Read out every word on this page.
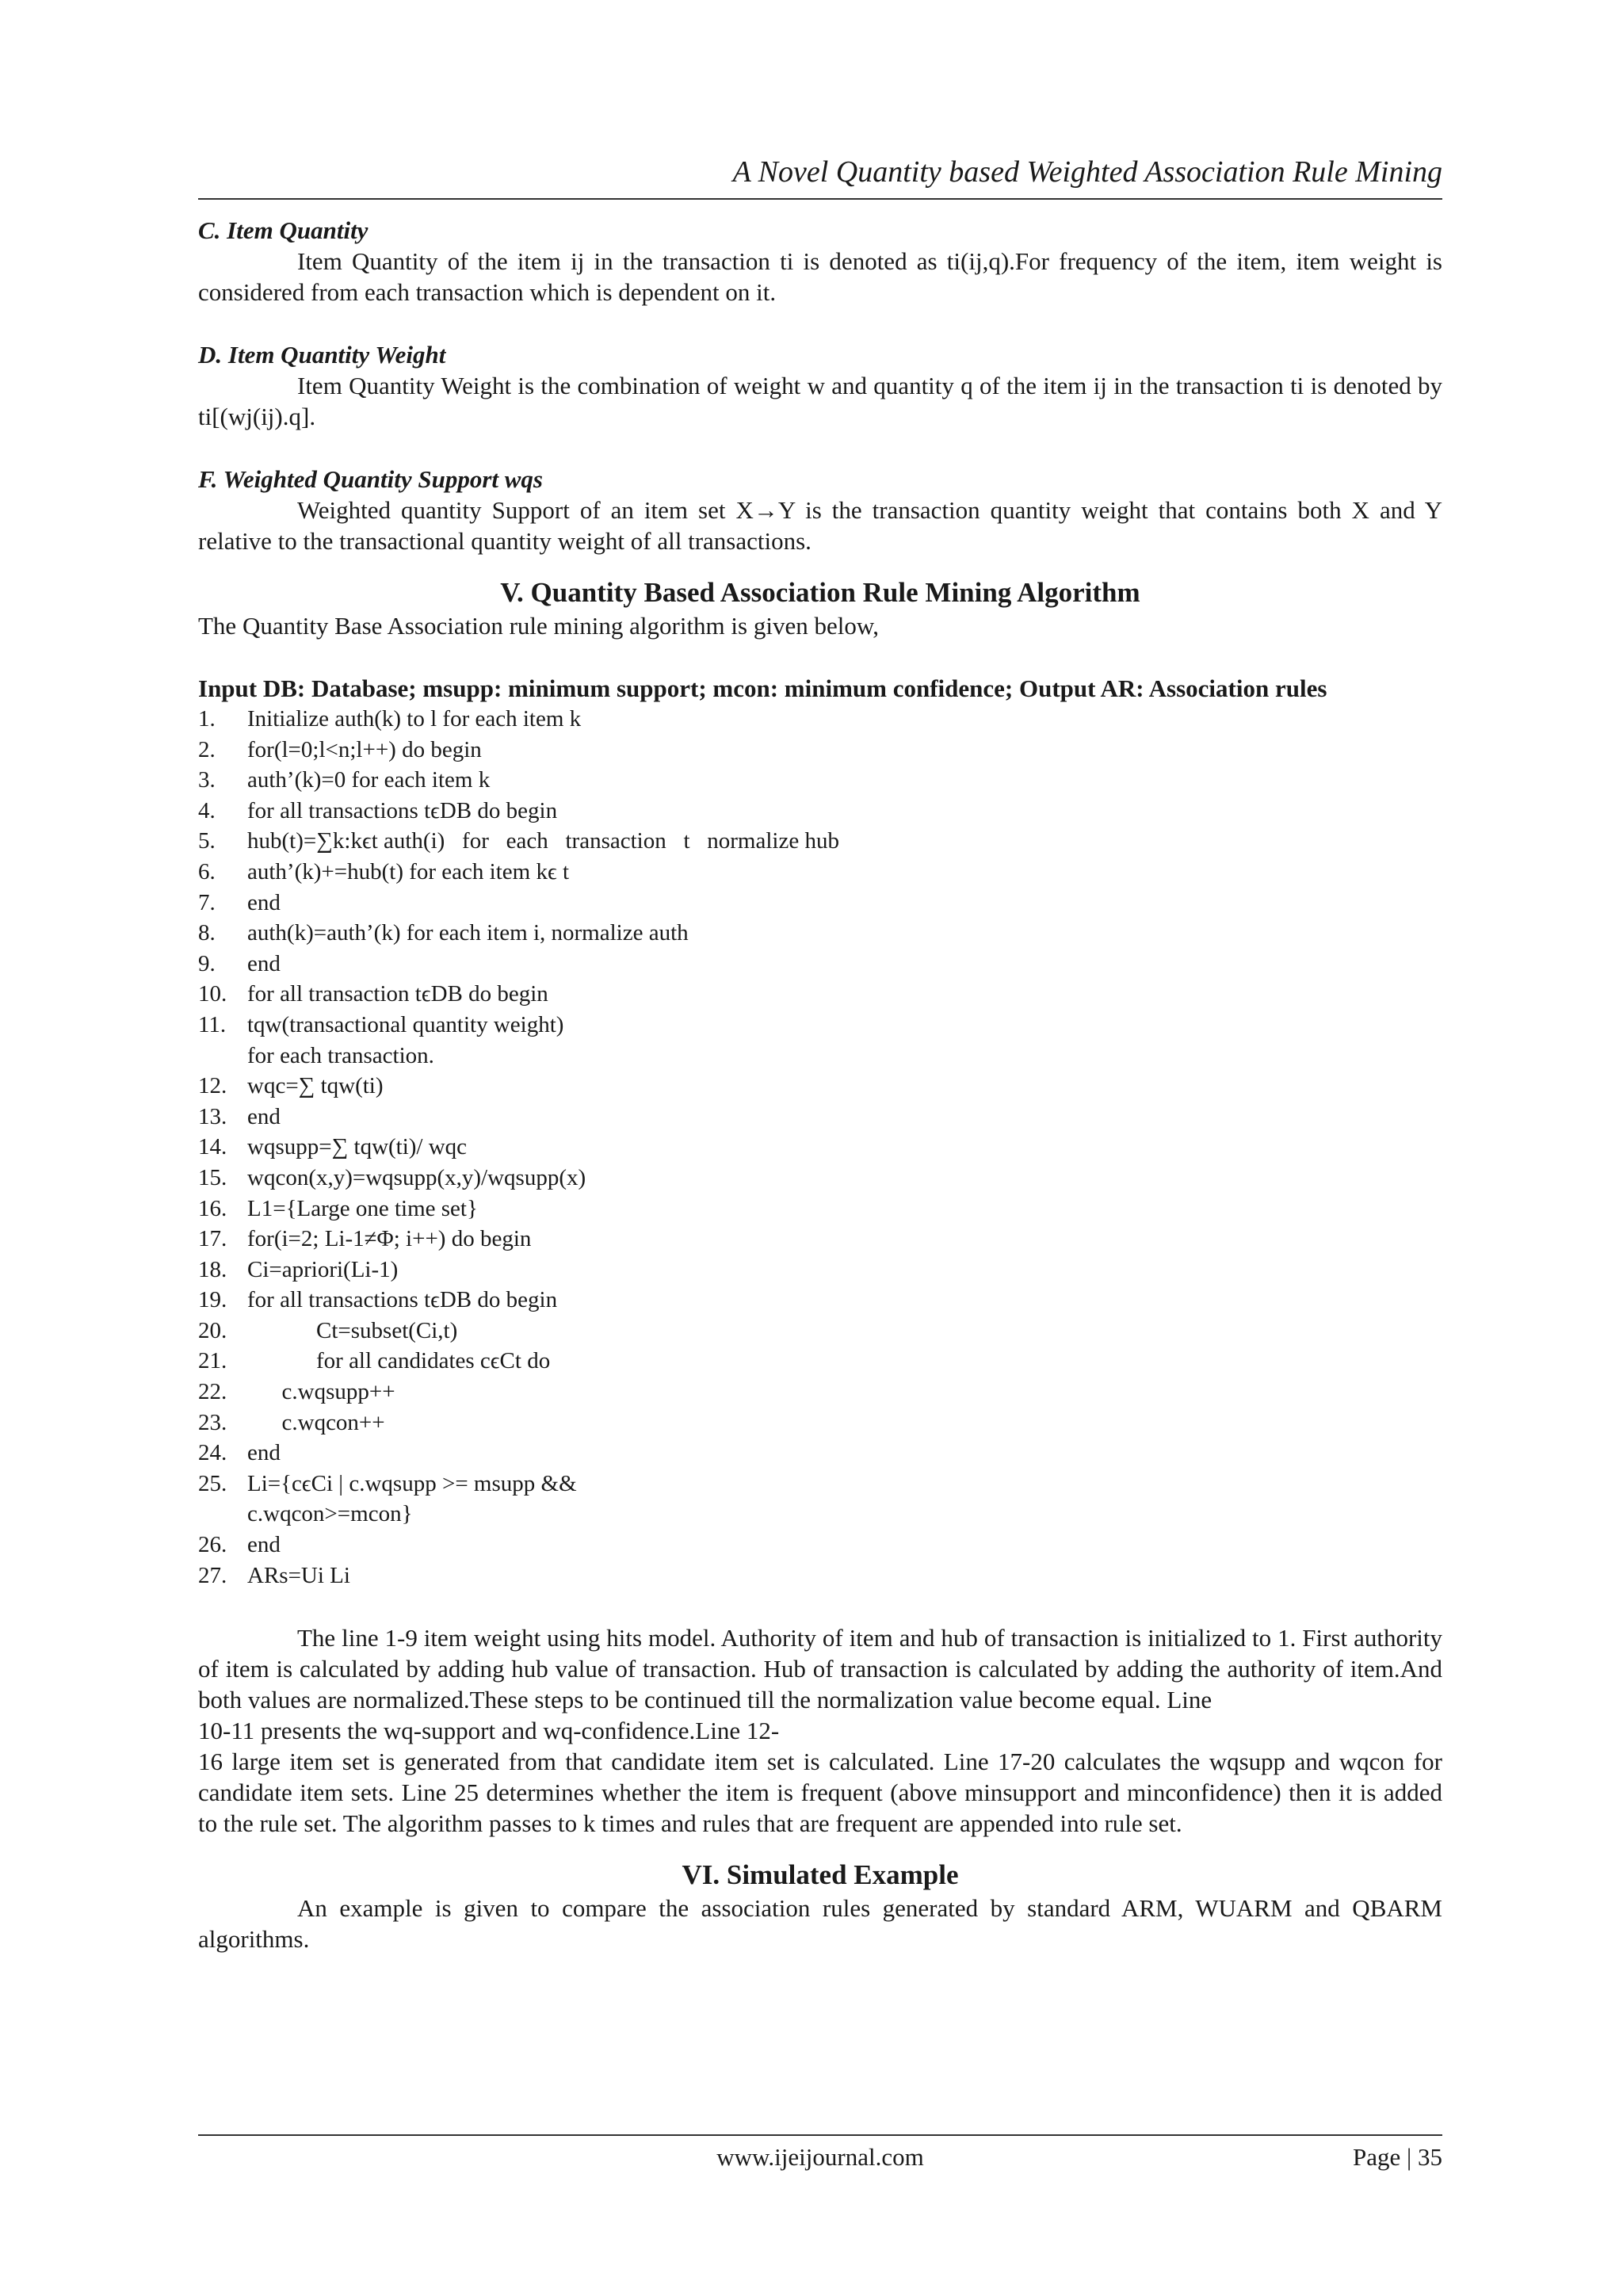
A Novel Quantity based Weighted Association Rule Mining
C. Item Quantity

Item Quantity of the item ij in the transaction ti is denoted as ti(ij,q).For frequency of the item, item weight is considered from each transaction which is dependent on it.

D. Item Quantity Weight

Item Quantity Weight is the combination of weight w and quantity q of the item ij in the transaction ti is denoted by ti[(wj(ij).q].

F. Weighted Quantity Support wqs

Weighted quantity Support of an item set X→Y is the transaction quantity weight that contains both X and Y relative to the transactional quantity weight of all transactions.

V. Quantity Based Association Rule Mining Algorithm
The Quantity Base Association rule mining algorithm is given below,
Input DB: Database; msupp: minimum support; mcon: minimum confidence; Output AR: Association rules
1.	Initialize auth(k) to l for each item k
2.	for(l=0;l<n;l++) do begin
3.	auth’(k)=0 for each item k
4.	for all transactions tϵDB do begin
5.	hub(t)=∑k:kϵt auth(i)   for   each   transaction   t   normalize hub
6.	auth’(k)+=hub(t) for each item kϵ t
7.	end
8.	auth(k)=auth’(k) for each item i, normalize auth
9.	end
10. for all transaction tϵDB do begin
11. tqw(transactional quantity weight)
for each transaction.
12. wqc=∑ tqw(ti)
13. end
14. wqsupp=∑ tqw(ti)/ wqc
15. wqcon(x,y)=wqsupp(x,y)/wqsupp(x)
16. L1={Large one time set}
17. for(i=2; Li-1≠Φ; i++) do begin
18. Ci=apriori(Li-1)
19. for all transactions tϵDB do begin
20. Ct=subset(Ci,t)
21. for all candidates cϵCt do
22. c.wqsupp++
23. c.wqcon++
24. end
25. Li={cϵCi | c.wqsupp >= msupp &&
c.wqcon>=mcon}
26. end
27. ARs=Ui Li

The line 1-9 item weight using hits model. Authority of item and hub of transaction is initialized to 1. First authority of item is calculated by adding hub value of transaction. Hub of transaction is calculated by adding the authority of item.And both values are normalized.These steps to be continued till the normalization value become equal. Line

10-11 presents the wq-support and wq-confidence.Line 12-

16 large item set is generated from that candidate item set is calculated. Line 17-20 calculates the wqsupp and wqcon for candidate item sets. Line 25 determines whether the item is frequent (above minsupport and minconfidence) then it is added to the rule set. The algorithm passes to k times and rules that are frequent are appended into rule set.

VI. Simulated Example

An example is given to compare the association rules generated by standard ARM, WUARM and QBARM algorithms.

www.ijeijournal.com	Page | 35
